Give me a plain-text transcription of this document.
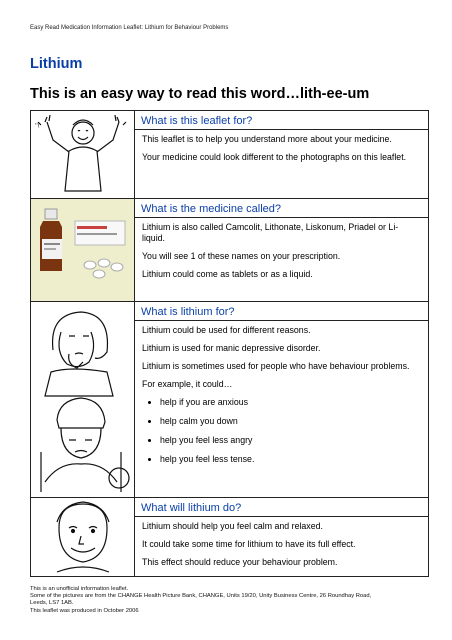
Easy Read Medication Information Leaflet: Lithium for Behaviour Problems
Lithium
This is an easy way to read this word…lith-ee-um
''(	What is this leaflet for?

This leaflet is to help you understand more about your medicine.

Your medicine could look different to the photographs on this leaflet.

What is the medicine called?

Lithium is also called Camcolit, Lithonate, Liskonum, Priadel or Li-liquid.

You will see 1 of these names on your prescription.

Lithium could come as tablets or as a liquid.

What is lithium for?

Lithium could be used for different reasons.

Lithium is used for manic depressive disorder.

Lithium is sometimes used for people who have behaviour problems.

For example, it could…

• help if you are anxious
• help calm you down
• help you feel less angry
• help you feel less tense.
What will lithium do?

Lithium should help you feel calm and relaxed.

It could take some time for lithium to have its full effect.

This effect should reduce your behaviour problem.

This is an unofficial information leaflet.
Some of the pictures are from the CHANGE Health Picture Bank, CHANGE, Units 19/20, Unity Business Centre, 26 Roundhay Road,
Leeds, LS7 1AB.
This leaflet was produced in October 2006
